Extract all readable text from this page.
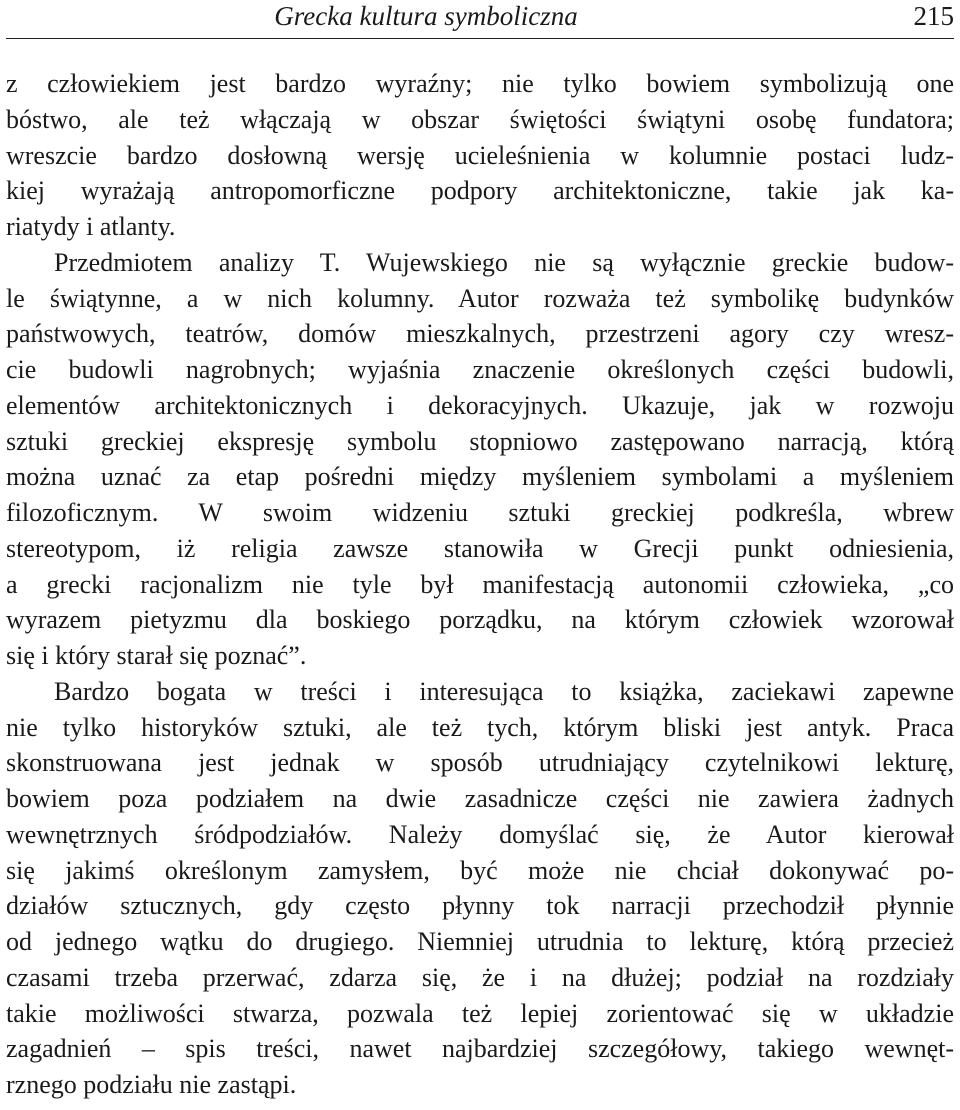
Grecka kultura symboliczna	215
z człowiekiem jest bardzo wyraźny; nie tylko bowiem symbolizują one
bóstwo, ale też włączają w obszar świętości świątyni osobę fundatora;
wreszcie bardzo dosłowną wersję ucieleśnienia w kolumnie postaci ludz-
kiej wyrażają antropomorficzne podpory architektoniczne, takie jak ka-
riatydy i atlanty.
Przedmiotem analizy T. Wujewskiego nie są wyłącznie greckie budow-
le świątynne, a w nich kolumny. Autor rozważa też symbolikę budynków
państwowych, teatrów, domów mieszkalnych, przestrzeni agory czy wresz-
cie budowli nagrobnych; wyjaśnia znaczenie określonych części budowli,
elementów architektonicznych i dekoracyjnych. Ukazuje, jak w rozwoju
sztuki greckiej ekspresję symbolu stopniowo zastępowano narracją, którą
można uznać za etap pośredni między myśleniem symbolami a myśleniem
filozoficznym. W swoim widzeniu sztuki greckiej podkreśla, wbrew
stereotypom, iż religia zawsze stanowiła w Grecji punkt odniesienia,
a grecki racjonalizm nie tyle był manifestacją autonomii człowieka, „co
wyrazem pietyzmu dla boskiego porządku, na którym człowiek wzorował
się i który starał się poznać”.
Bardzo bogata w treści i interesująca to książka, zaciekawi zapewne
nie tylko historyków sztuki, ale też tych, którym bliski jest antyk. Praca
skonstruowana jest jednak w sposób utrudniający czytelnikowi lekturę,
bowiem poza podziałem na dwie zasadnicze części nie zawiera żadnych
wewnętrznych śródpodziałów. Należy domyślać się, że Autor kierował
się jakimś określonym zamysłem, być może nie chciał dokonywać po-
działów sztucznych, gdy często płynny tok narracji przechodził płynnie
od jednego wątku do drugiego. Niemniej utrudnia to lekturę, którą przecież
czasami trzeba przerwać, zdarza się, że i na dłużej; podział na rozdziały
takie możliwości stwarza, pozwala też lepiej zorientować się w układzie
zagadnień – spis treści, nawet najbardziej szczegółowy, takiego wewnęt-
rznego podziału nie zastąpi.
